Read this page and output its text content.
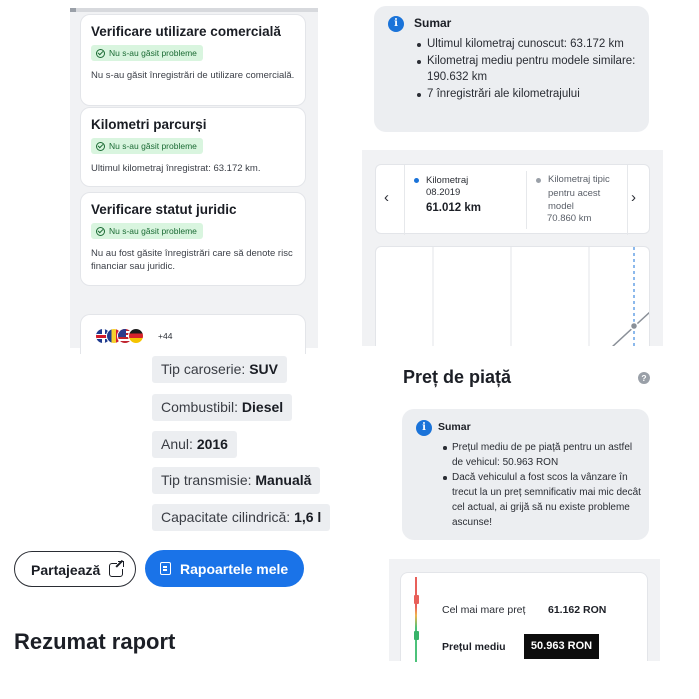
Verificare utilizare comercială
Nu s-au găsit probleme
Nu s-au găsit înregistrări de utilizare comercială.
Kilometri parcurși
Nu s-au găsit probleme
Ultimul kilometraj înregistrat: 63.172 km.
Verificare statut juridic
Nu s-au găsit probleme
Nu au fost găsite înregistrări care să denote risc financiar sau juridic.
+44
i	Sumar
Ultimul kilometraj cunoscut: 63.172 km
Kilometraj mediu pentru modele similare: 190.632 km
7 înregistrări ale kilometrajului
‹
Kilometraj
08.2019
61.012 km
Kilometraj tipic pentru acest model
›
70.860 km
Tip caroserie: SUV
Combustibil: Diesel
Anul: 2016
Tip transmisie: Manuală
Capacitate cilindrică: 1,6 l
Partajează	Rapoartele mele
Rezumat raport
Preț de piață	?
i	Sumar
Prețul mediu de pe piață pentru un astfel de vehicul: 50.963 RON
Dacă vehiculul a fost scos la vânzare în trecut la un preț semnificativ mai mic decât cel actual, ai grijă să nu existe probleme ascunse!
Cel mai mare preț 61.162 RON
Prețul mediu	50.963 RON
